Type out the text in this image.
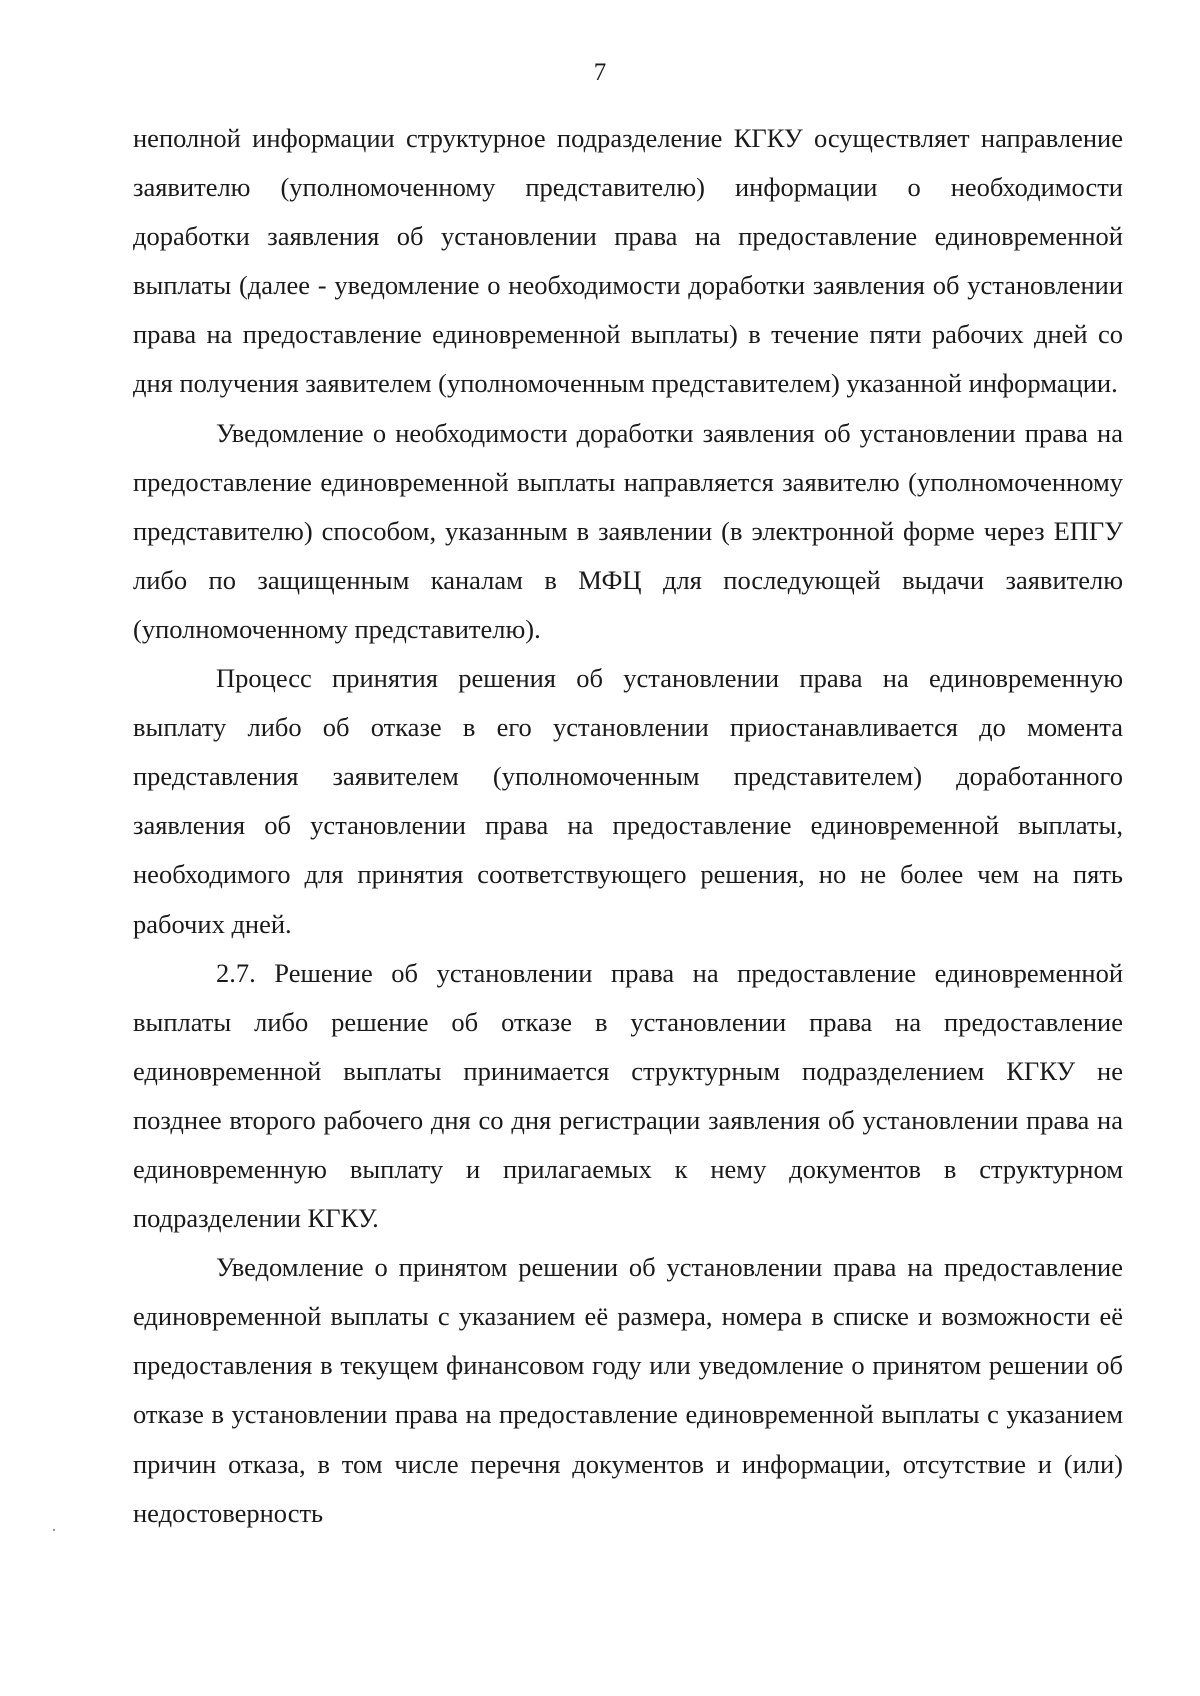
7

неполной информации структурное подразделение КГКУ осуществляет направление заявителю (уполномоченному представителю) информации о необходимости доработки заявления об установлении права на предоставление единовременной выплаты (далее - уведомление о необходимости доработки заявления об установлении права на предоставление единовременной выплаты) в течение пяти рабочих дней со дня получения заявителем (уполномоченным представителем) указанной информации.

Уведомление о необходимости доработки заявления об установлении права на предоставление единовременной выплаты направляется заявителю (уполномоченному представителю) способом, указанным в заявлении (в электронной форме через ЕПГУ либо по защищенным каналам в МФЦ для последующей выдачи заявителю (уполномоченному представителю).

Процесс принятия решения об установлении права на единовременную выплату либо об отказе в его установлении приостанавливается до момента представления заявителем (уполномоченным представителем) доработанного заявления об установлении права на предоставление единовременной выплаты, необходимого для принятия соответствующего решения, но не более чем на пять рабочих дней.

2.7. Решение об установлении права на предоставление единовременной выплаты либо решение об отказе в установлении права на предоставление единовременной выплаты принимается структурным подразделением КГКУ не позднее второго рабочего дня со дня регистрации заявления об установлении права на единовременную выплату и прилагаемых к нему документов в структурном подразделении КГКУ.

Уведомление о принятом решении об установлении права на предоставление единовременной выплаты с указанием её размера, номера в списке и возможности её предоставления в текущем финансовом году или уведомление о принятом решении об отказе в установлении права на предоставление единовременной выплаты с указанием причин отказа, в том числе перечня документов и информации, отсутствие и (или) недостоверность
